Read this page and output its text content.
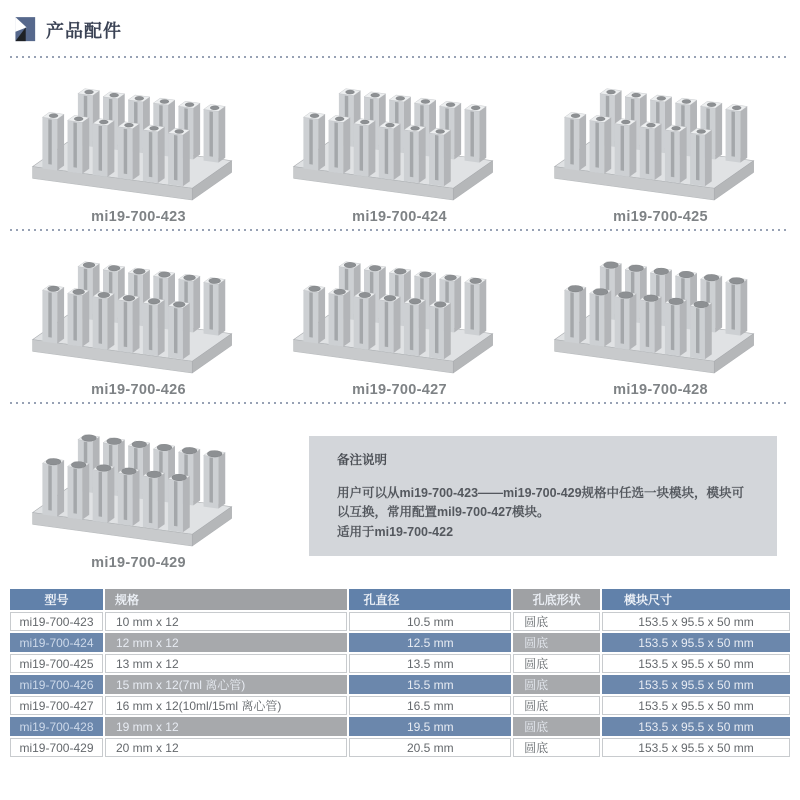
产品配件
mi19-700-423	mi19-700-424	mi19-700-425
mi19-700-426	mi19-700-427	mi19-700-428
mi19-700-429
备注说明
用户可以从mi19-700-423——mi19-700-429规格中任选一块模块，模块可以互换，常用配置mil9-700-427模块。
适用于mi19-700-422
型号	规格	孔直径	孔底形状	模块尺寸
mi19-700-423	10 mm x 12	10.5 mm	圆底	153.5 x 95.5 x 50 mm
mi19-700-424	12 mm x 12	12.5 mm	圆底	153.5 x 95.5 x 50 mm
mi19-700-425	13 mm x 12	13.5 mm	圆底	153.5 x 95.5 x 50 mm
mi19-700-426	15 mm x 12(7ml 离心管)	15.5 mm	圆底	153.5 x 95.5 x 50 mm
mi19-700-427	16 mm x 12(10ml/15ml 离心管)	16.5 mm	圆底	153.5 x 95.5 x 50 mm
mi19-700-428	19 mm x 12	19.5 mm	圆底	153.5 x 95.5 x 50 mm
mi19-700-429	20 mm x 12	20.5 mm	圆底	153.5 x 95.5 x 50 mm
